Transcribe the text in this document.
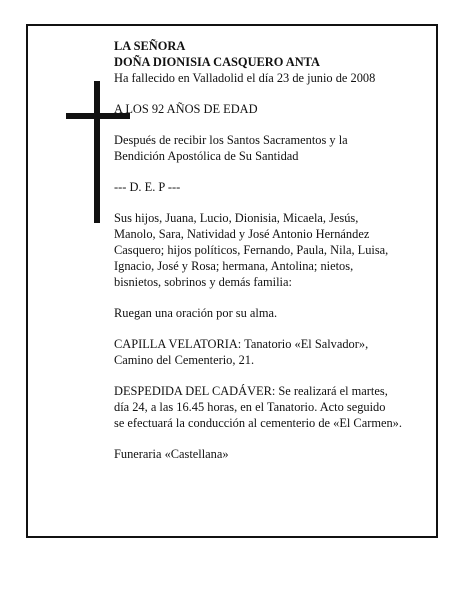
LA SEÑORA
DOÑA DIONISIA CASQUERO ANTA
Ha fallecido en Valladolid el día 23 de junio de 2008
A LOS 92 AÑOS DE EDAD
Después de recibir los Santos Sacramentos y la
Bendición Apostólica de Su Santidad
--- D. E. P ---
Sus hijos, Juana, Lucio, Dionisia, Micaela, Jesús,
Manolo, Sara, Natividad y José Antonio Hernández
Casquero; hijos políticos, Fernando, Paula, Nila, Luisa,
Ignacio, José y Rosa; hermana, Antolina; nietos,
bisnietos, sobrinos y demás familia:
Ruegan una oración por su alma.
CAPILLA VELATORIA: Tanatorio «El Salvador»,
Camino del Cementerio, 21.
DESPEDIDA DEL CADÁVER: Se realizará el martes,
día 24, a las 16.45 horas, en el Tanatorio. Acto seguido
se efectuará la conducción al cementerio de «El Carmen».
Funeraria «Castellana»
